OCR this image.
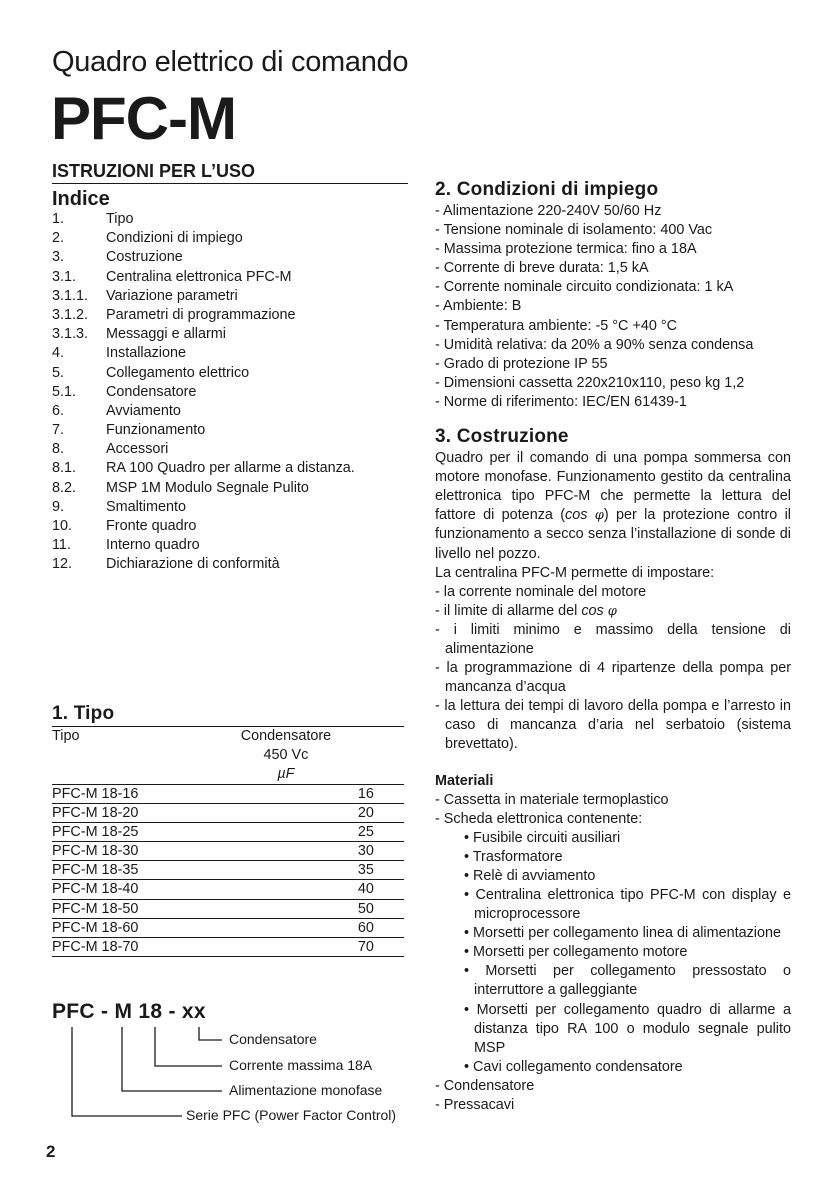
Quadro elettrico di comando
PFC-M
ISTRUZIONI PER L’USO
Indice
1.	Tipo
2.	Condizioni di impiego
3.	Costruzione
3.1.	Centralina elettronica PFC-M
3.1.1.	Variazione parametri
3.1.2.	Parametri di programmazione
3.1.3.	Messaggi e allarmi
4.	Installazione
5.	Collegamento elettrico
5.1.	Condensatore
6.	Avviamento
7.	Funzionamento
8.	Accessori
8.1.	RA 100 Quadro per allarme a distanza.
8.2.	MSP 1M Modulo Segnale Pulito
9.	Smaltimento
10.	Fronte quadro
11.	Interno quadro
12.	Dichiarazione di conformità
1. Tipo
Tipo	Condensatore
	450 Vc
	µF
PFC-M 18-16	16
PFC-M 18-20	20
PFC-M 18-25	25
PFC-M 18-30	30
PFC-M 18-35	35
PFC-M 18-40	40
PFC-M 18-50	50
PFC-M 18-60	60
PFC-M 18-70	70
PFC - M 18 - xx
Condensatore
Corrente massima 18A
Alimentazione monofase
Serie PFC (Power Factor Control)
2. Condizioni di impiego

- Alimentazione 220-240V 50/60 Hz

- Tensione nominale di isolamento: 400 Vac

- Massima protezione termica: fino a 18A

- Corrente di breve durata: 1,5 kA

- Corrente nominale circuito condizionata: 1 kA

- Ambiente: B

- Temperatura ambiente: -5 °C +40 °C

- Umidità relativa: da 20% a 90% senza condensa

- Grado di protezione IP 55

- Dimensioni cassetta 220x210x110, peso kg 1,2

- Norme di riferimento: IEC/EN 61439-1

3. Costruzione

Quadro per il comando di una pompa sommersa con motore monofase. Funzionamento gestito da centralina elettronica tipo PFC-M che permette la lettura del fattore di potenza (cos φ) per la protezione contro il funzionamento a secco senza l’installazione di sonde di livello nel pozzo.

La centralina PFC-M permette di impostare:

- la corrente nominale del motore

- il limite di allarme del cos φ

- i limiti minimo e massimo della tensione di alimentazione

- la programmazione di 4 ripartenze della pompa per mancanza d’acqua

- la lettura dei tempi di lavoro della pompa e l’arresto in caso di mancanza d’aria nel serbatoio (sistema brevettato).

Materiali

- Cassetta in materiale termoplastico

- Scheda elettronica contenente:

• Fusibile circuiti ausiliari

• Trasformatore

• Relè di avviamento

• Centralina elettronica tipo PFC-M con display e microprocessore

• Morsetti per collegamento linea di alimentazione

• Morsetti per collegamento motore

• Morsetti per collegamento pressostato o interruttore a galleggiante

• Morsetti per collegamento quadro di allarme a distanza tipo RA 100 o modulo segnale pulito MSP

• Cavi collegamento condensatore

- Condensatore

- Pressacavi

2
